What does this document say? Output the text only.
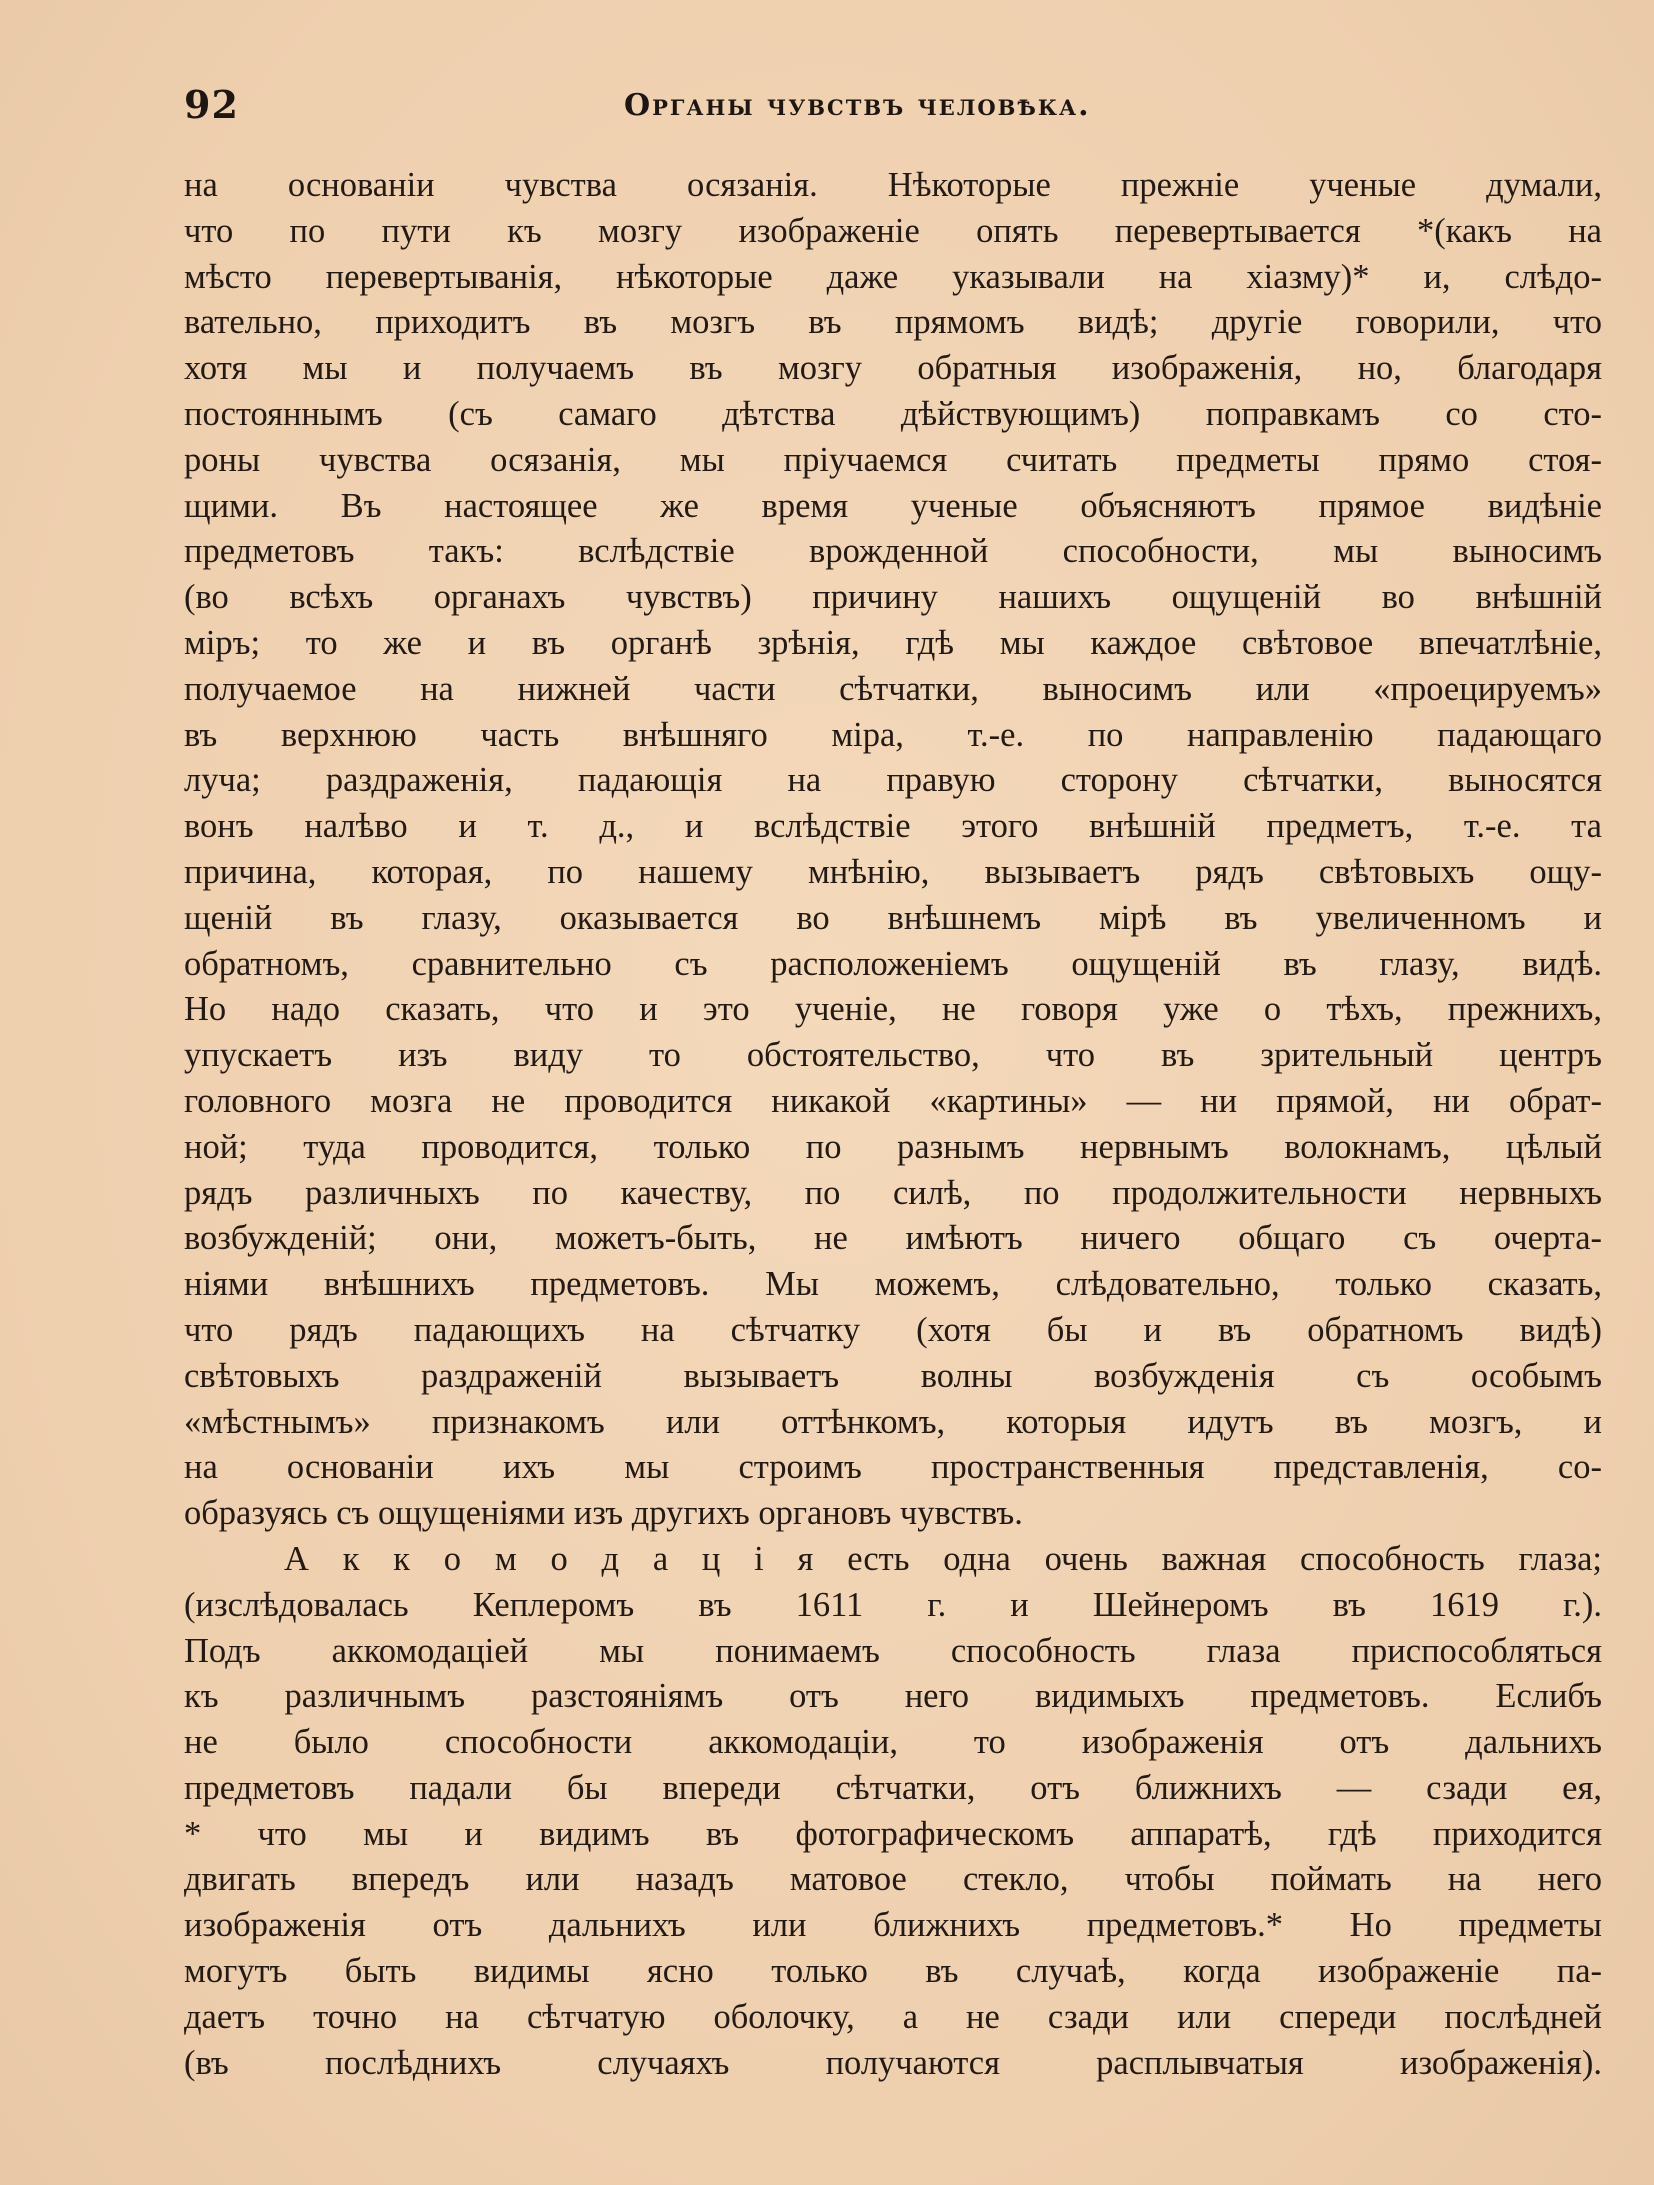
92	Органы чувствъ человѣка.
на основанiи чувства осязанiя. Нѣкоторые прежнiе ученые думали,
что по пути къ мозгу изображенiе опять перевертывается *(какъ на
мѣсто перевертыванiя, нѣкоторые даже указывали на хiазму)* и, слѣдо-
вательно, приходитъ въ мозгъ въ прямомъ видѣ; другiе говорили, что
хотя мы и получаемъ въ мозгу обратныя изображенiя, но, благодаря
постояннымъ (съ самаго дѣтства дѣйствующимъ) поправкамъ со сто-
роны чувства осязанiя, мы прiучаемся считать предметы прямо стоя-
щими. Въ настоящее же время ученые объясняютъ прямое видѣнiе
предметовъ такъ: вслѣдствiе врожденной способности, мы выносимъ
(во всѣхъ органахъ чувствъ) причину нашихъ ощущенiй во внѣшнiй
мiръ; то же и въ органѣ зрѣнiя, гдѣ мы каждое свѣтовое впечатлѣнiе,
получаемое на нижней части сѣтчатки, выносимъ или «проецируемъ»
въ верхнюю часть внѣшняго мiра, т.-е. по направленiю падающаго
луча; раздраженiя, падающiя на правую сторону сѣтчатки, выносятся
вонъ налѣво и т. д., и вслѣдствiе этого внѣшнiй предметъ, т.-е. та
причина, которая, по нашему мнѣнiю, вызываетъ рядъ свѣтовыхъ ощу-
щенiй въ глазу, оказывается во внѣшнемъ мiрѣ въ увеличенномъ и
обратномъ, сравнительно съ расположенiемъ ощущенiй въ глазу, видѣ.
Но надо сказать, что и это ученiе, не говоря уже о тѣхъ, прежнихъ,
упускаетъ изъ виду то обстоятельство, что въ зрительный центръ
головного мозга не проводится никакой «картины» — ни прямой, ни обрат-
ной; туда проводится, только по разнымъ нервнымъ волокнамъ, цѣлый
рядъ различныхъ по качеству, по силѣ, по продолжительности нервныхъ
возбужденiй; они, можетъ-быть, не имѣютъ ничего общаго съ очерта-
нiями внѣшнихъ предметовъ. Мы можемъ, слѣдовательно, только сказать,
что рядъ падающихъ на сѣтчатку (хотя бы и въ обратномъ видѣ)
свѣтовыхъ раздраженiй вызываетъ волны возбужденiя съ особымъ
«мѣстнымъ» признакомъ или оттѣнкомъ, которыя идутъ въ мозгъ, и
на основанiи ихъ мы строимъ пространственныя представленiя, со-
образуясь съ ощущенiями изъ другихъ органовъ чувствъ.
А к к о м о д а ц i я есть одна очень важная способность глаза;
(изслѣдовалась Кеплеромъ въ 1611 г. и Шейнеромъ въ 1619 г.).
Подъ аккомодацiей мы понимаемъ способность глаза приспособляться
къ различнымъ разстоянiямъ отъ него видимыхъ предметовъ. Еслибъ
не было способности аккомодацiи, то изображенiя отъ дальнихъ
предметовъ падали бы впереди сѣтчатки, отъ ближнихъ — сзади ея,
* что мы и видимъ въ фотографическомъ аппаратѣ, гдѣ приходится
двигать впередъ или назадъ матовое стекло, чтобы поймать на него
изображенiя отъ дальнихъ или ближнихъ предметовъ.* Но предметы
могутъ быть видимы ясно только въ случаѣ, когда изображенiе па-
даетъ точно на сѣтчатую оболочку, а не сзади или спереди послѣдней
(въ послѣднихъ случаяхъ получаются расплывчатыя изображенiя).
